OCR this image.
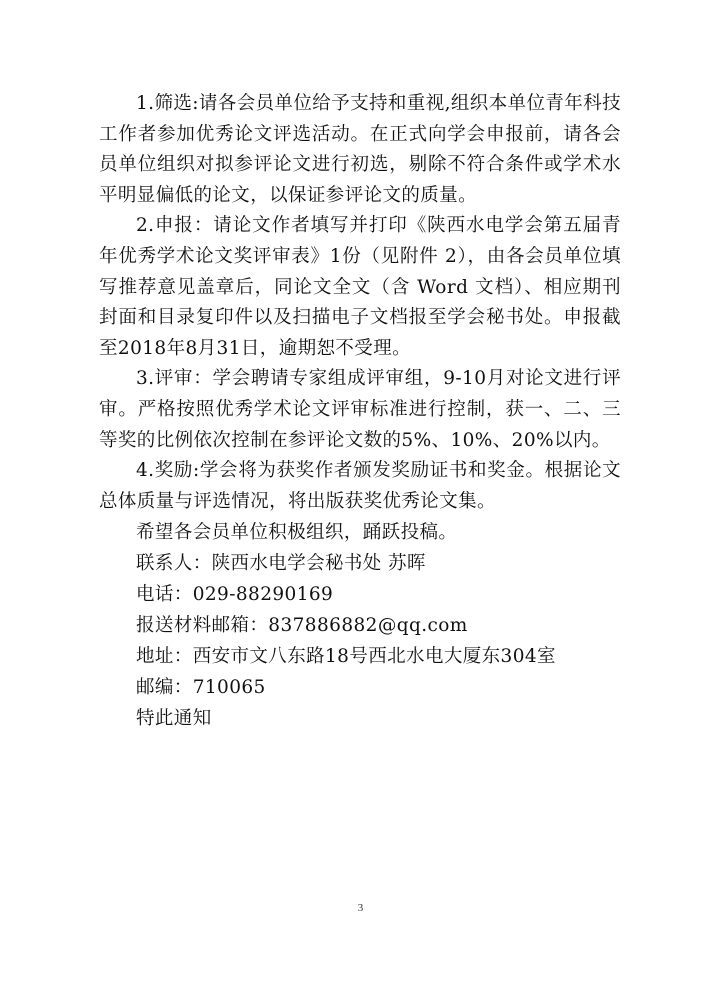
1.筛选:请各会员单位给予支持和重视,组织本单位青年科技工作者参加优秀论文评选活动。在正式向学会申报前，请各会员单位组织对拟参评论文进行初选，剔除不符合条件或学术水平明显偏低的论文，以保证参评论文的质量。

2.申报：请论文作者填写并打印《陕西水电学会第五届青年优秀学术论文奖评审表》1份（见附件 2），由各会员单位填写推荐意见盖章后，同论文全文（含 Word 文档）、相应期刊封面和目录复印件以及扫描电子文档报至学会秘书处。申报截至2018年8月31日，逾期恕不受理。

3.评审：学会聘请专家组成评审组，9-10月对论文进行评审。严格按照优秀学术论文评审标准进行控制，获一、二、三等奖的比例依次控制在参评论文数的5%、10%、20%以内。

4.奖励:学会将为获奖作者颁发奖励证书和奖金。根据论文总体质量与评选情况，将出版获奖优秀论文集。

希望各会员单位积极组织，踊跃投稿。

联系人：陕西水电学会秘书处 苏晖

电话：029-88290169

报送材料邮箱：837886882@qq.com

地址：西安市文八东路18号西北水电大厦东304室

邮编：710065

特此通知

3
